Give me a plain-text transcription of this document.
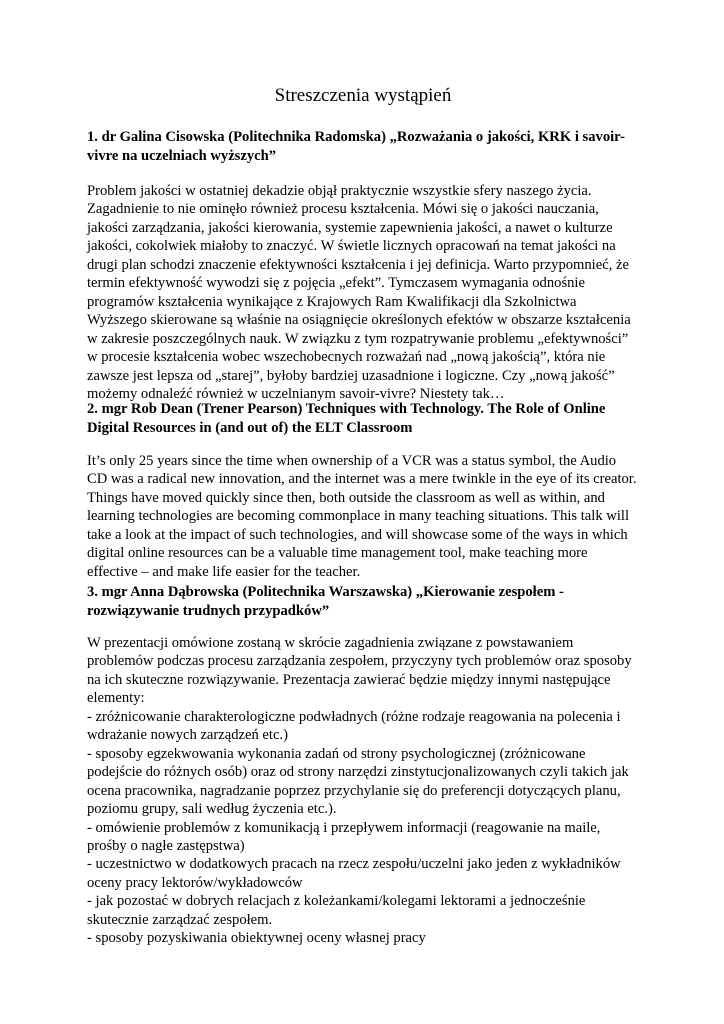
Streszczenia wystąpień
1. dr Galina Cisowska (Politechnika Radomska) „Rozważania o jakości, KRK i savoir-
vivre na uczelniach wyższych”

Problem jakości w ostatniej dekadzie objął praktycznie wszystkie sfery naszego życia.
Zagadnienie to nie ominęło również procesu kształcenia. Mówi się o jakości nauczania,
jakości zarządzania, jakości kierowania, systemie zapewnienia jakości, a nawet o kulturze
jakości, cokolwiek miałoby to znaczyć. W świetle licznych opracowań na temat jakości na
drugi plan schodzi znaczenie efektywności kształcenia i jej definicja. Warto przypomnieć, że
termin efektywność wywodzi się z pojęcia „efekt”. Tymczasem wymagania odnośnie
programów kształcenia wynikające z Krajowych Ram Kwalifikacji dla Szkolnictwa
Wyższego skierowane są właśnie na osiągnięcie określonych efektów w obszarze kształcenia
w zakresie poszczególnych nauk. W związku z tym rozpatrywanie problemu „efektywności”
w procesie kształcenia wobec wszechobecnych rozważań nad „nową jakością”, która nie
zawsze jest lepsza od „starej”, byłoby bardziej uzasadnione i logiczne. Czy „nową jakość”
możemy odnaleźć również w uczelnianym savoir-vivre? Niestety tak…

2. mgr Rob Dean (Trener Pearson) Techniques with Technology. The Role of Online
Digital Resources in (and out of) the ELT Classroom

It’s only 25 years since the time when ownership of a VCR was a status symbol, the Audio
CD was a radical new innovation, and the internet was a mere twinkle in the eye of its creator.
Things have moved quickly since then, both outside the classroom as well as within, and
learning technologies are becoming commonplace in many teaching situations. This talk will
take a look at the impact of such technologies, and will showcase some of the ways in which
digital online resources can be a valuable time management tool, make teaching more
effective – and make life easier for the teacher.

3. mgr Anna Dąbrowska (Politechnika Warszawska) „Kierowanie zespołem -
rozwiązywanie trudnych przypadków”

W prezentacji omówione zostaną w skrócie zagadnienia związane z powstawaniem
problemów podczas procesu zarządzania zespołem, przyczyny tych problemów oraz sposoby
na ich skuteczne rozwiązywanie. Prezentacja zawierać będzie między innymi następujące
elementy:
- zróżnicowanie charakterologiczne podwładnych (różne rodzaje reagowania na polecenia i
wdrażanie nowych zarządzeń etc.)
- sposoby egzekwowania wykonania zadań od strony psychologicznej (zróżnicowane
podejście do różnych osób) oraz od strony narzędzi zinstytucjonalizowanych czyli takich jak
ocena pracownika, nagradzanie poprzez przychylanie się do preferencji dotyczących planu,
poziomu grupy, sali według życzenia etc.).
- omówienie problemów z komunikacją i przepływem informacji (reagowanie na maile,
prośby o nagłe zastępstwa)
- uczestnictwo w dodatkowych pracach na rzecz zespołu/uczelni jako jeden z wykładników
oceny pracy lektorów/wykładowców
- jak pozostać w dobrych relacjach z koleżankami/kolegami lektorami a jednocześnie
skutecznie zarządzać zespołem.
- sposoby pozyskiwania obiektywnej oceny własnej pracy
